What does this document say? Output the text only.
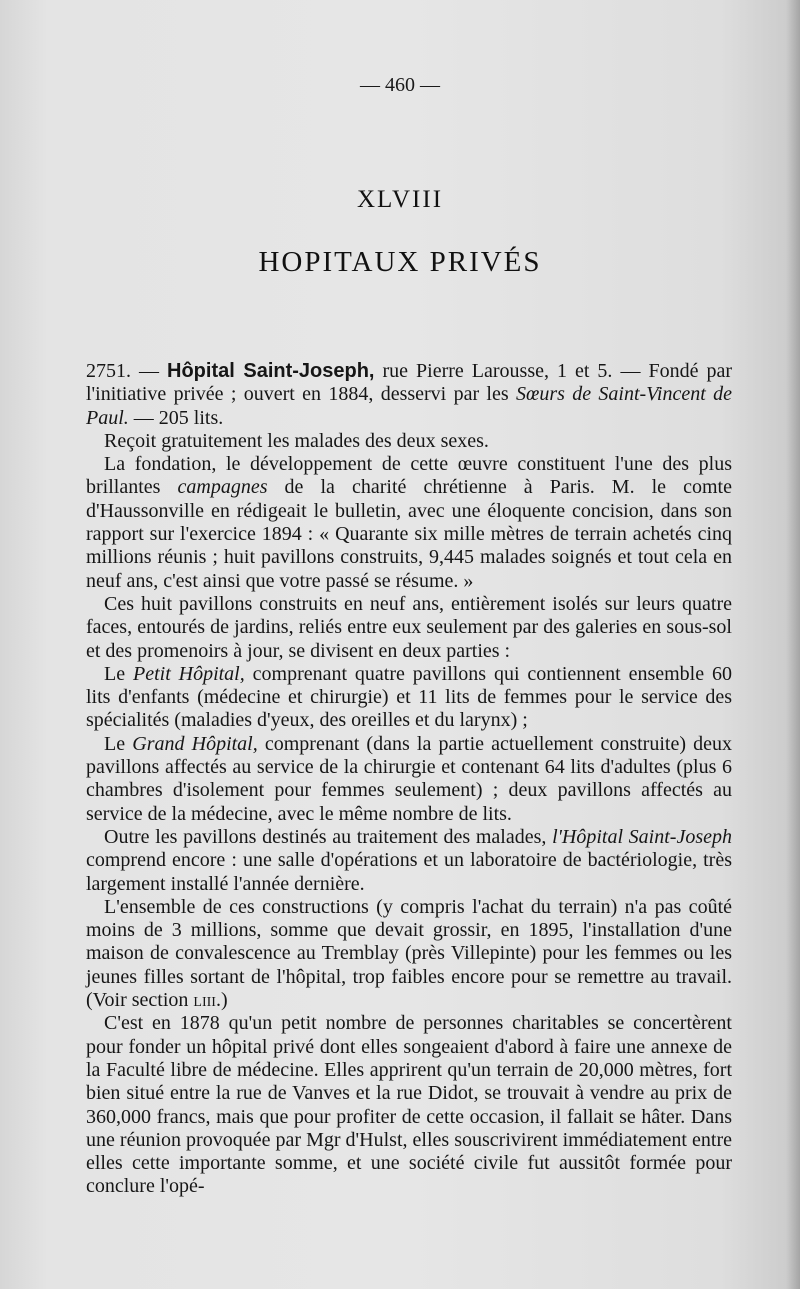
— 460 —
XLVIII
HOPITAUX PRIVÉS

2751. — Hôpital Saint-Joseph, rue Pierre Larousse, 1 et 5. — Fondé par l'initiative privée ; ouvert en 1884, desservi par les Sœurs de Saint-Vincent de Paul. — 205 lits.

Reçoit gratuitement les malades des deux sexes.

La fondation, le développement de cette œuvre constituent l'une des plus brillantes campagnes de la charité chrétienne à Paris. M. le comte d'Haussonville en rédigeait le bulletin, avec une éloquente concision, dans son rapport sur l'exercice 1894 : « Quarante six mille mètres de terrain achetés cinq millions réunis ; huit pavillons construits, 9,445 malades soignés et tout cela en neuf ans, c'est ainsi que votre passé se résume. »

Ces huit pavillons construits en neuf ans, entièrement isolés sur leurs quatre faces, entourés de jardins, reliés entre eux seulement par des galeries en sous-sol et des promenoirs à jour, se divisent en deux parties :

Le Petit Hôpital, comprenant quatre pavillons qui contiennent ensemble 60 lits d'enfants (médecine et chirurgie) et 11 lits de femmes pour le service des spécialités (maladies d'yeux, des oreilles et du larynx) ;

Le Grand Hôpital, comprenant (dans la partie actuellement construite) deux pavillons affectés au service de la chirurgie et contenant 64 lits d'adultes (plus 6 chambres d'isolement pour femmes seulement) ; deux pavillons affectés au service de la médecine, avec le même nombre de lits.

Outre les pavillons destinés au traitement des malades, l'Hôpital Saint-Joseph comprend encore : une salle d'opérations et un laboratoire de bactériologie, très largement installé l'année dernière.

L'ensemble de ces constructions (y compris l'achat du terrain) n'a pas coûté moins de 3 millions, somme que devait grossir, en 1895, l'installation d'une maison de convalescence au Tremblay (près Villepinte) pour les femmes ou les jeunes filles sortant de l'hôpital, trop faibles encore pour se remettre au travail. (Voir section liii.)

C'est en 1878 qu'un petit nombre de personnes charitables se concertèrent pour fonder un hôpital privé dont elles songeaient d'abord à faire une annexe de la Faculté libre de médecine. Elles apprirent qu'un terrain de 20,000 mètres, fort bien situé entre la rue de Vanves et la rue Didot, se trouvait à vendre au prix de 360,000 francs, mais que pour profiter de cette occasion, il fallait se hâter. Dans une réunion provoquée par Mgr d'Hulst, elles souscrivirent immédiatement entre elles cette importante somme, et une société civile fut aussitôt formée pour conclure l'opé-
